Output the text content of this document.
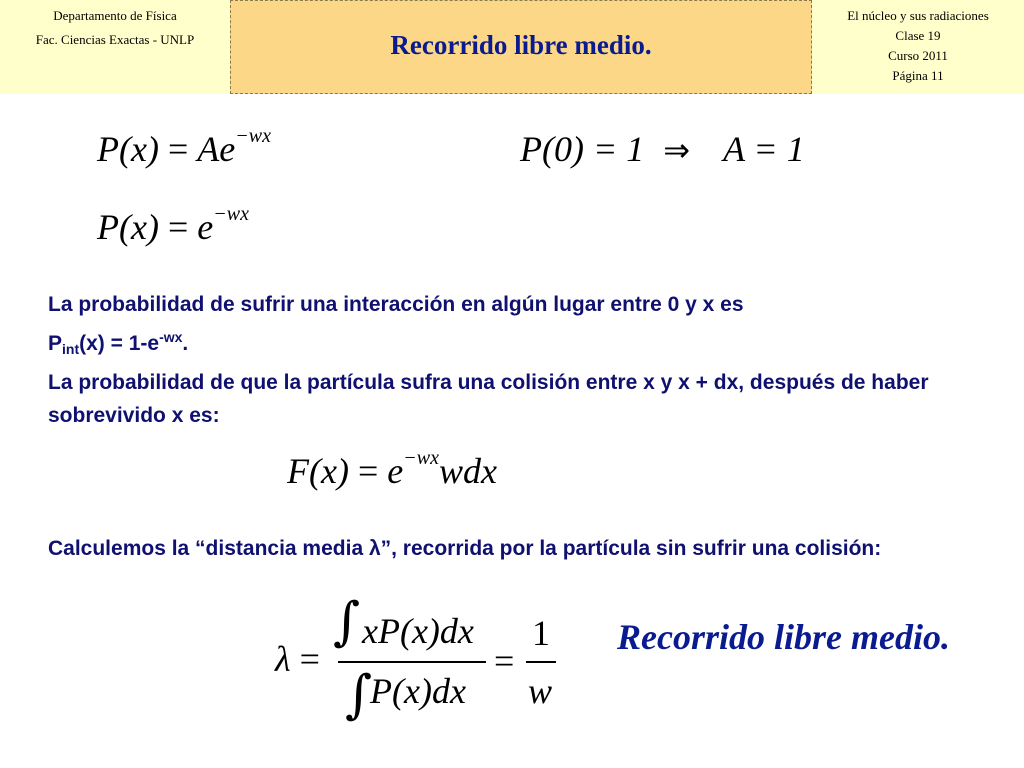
Departamento de Física
Fac. Ciencias Exactas - UNLP	Recorrido libre medio.
El núcleo y sus radiaciones
Clase 19
Curso 2011
Página 11
$P(x) = Ae^{-wx}$	P(0) = 1 ⇒ A = 1
$P(x) = e^{-wx}$
La probabilidad de sufrir una interacción en algún lugar entre 0 y x es
$P_{int}(x) = 1-e^{-wx}$.
La probabilidad de que la partícula sufra una colisión entre x y x + dx, después de haber sobrevivido x es:
$F(x) = e^{-wx}wdx$
Calculemos la “distancia media λ”, recorrida por la partícula sin sufrir una colisión:
λ =
∫ xP(x)dx
∫
P(x)dx
=
1
w
Recorrido libre medio.
